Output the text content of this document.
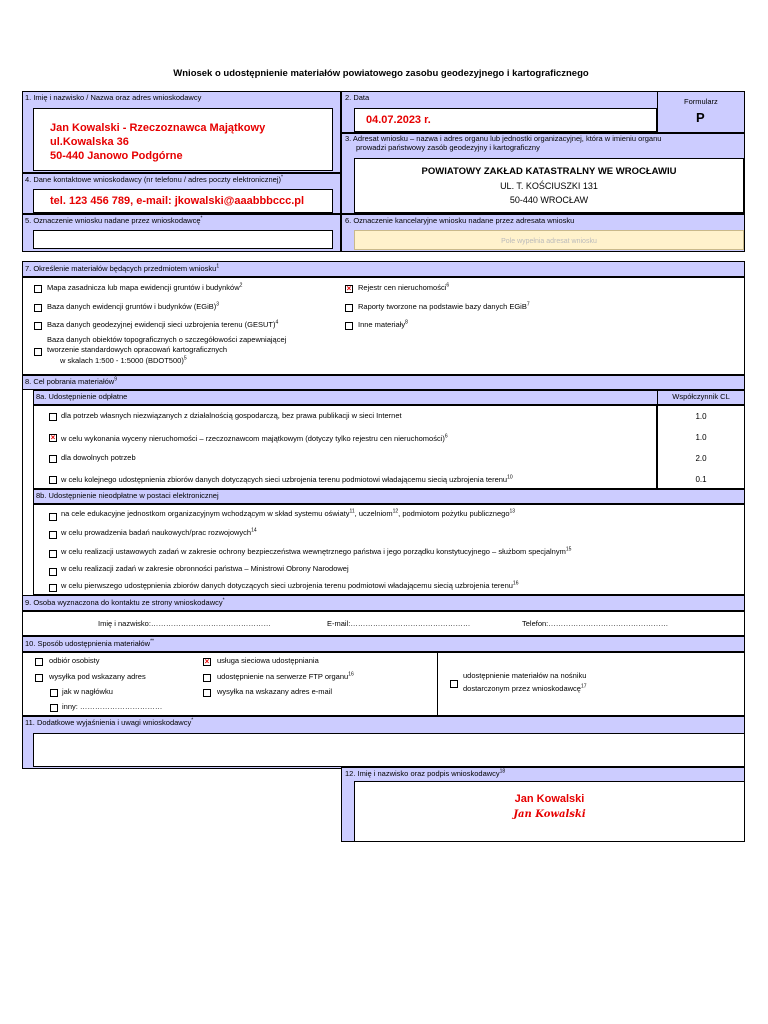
Wniosek o udostępnienie materiałów powiatowego zasobu geodezyjnego i kartograficznego
1. Imię i nazwisko / Nazwa oraz adres wnioskodawcy
Jan Kowalski - Rzeczoznawca Majątkowy
ul.Kowalska 36
50-440 Janowo Podgórne
4. Dane kontaktowe wnioskodawcy (nr telefonu / adres poczty elektronicznej)*
tel. 123 456 789, e-mail: jkowalski@aaabbbccc.pl
5. Oznaczenie wniosku nadane przez wnioskodawcę*
2. Data
04.07.2023 r.
Formularz
P
3. Adresat wniosku – nazwa i adres organu lub jednostki organizacyjnej, która w imieniu organu
prowadzi państwowy zasób geodezyjny i kartograficzny
POWIATOWY ZAKŁAD KATASTRALNY WE WROCŁAWIU
UL. T. KOŚCIUSZKI 131
50-440 WROCŁAW
6. Oznaczenie kancelaryjne wniosku nadane przez adresata wniosku
Pole wypełnia adresat wniosku
7. Określenie materiałów będących przedmiotem wniosku$^1$
Mapa zasadnicza lub mapa ewidencji gruntów i budynków$^2$
Baza danych ewidencji gruntów i budynków (EGiB)$^3$
Baza danych geodezyjnej ewidencji sieci uzbrojenia terenu (GESUT)$^4$
Baza danych obiektów topograficznych o szczegółowości zapewniającej
tworzenie standardowych opracowań kartograficznych
w skalach 1:500 - 1:5000 (BDOT500)$^5$
× Rejestr cen nieruchomości$^6$
Raporty tworzone na podstawie bazy danych EGiB$^7$
Inne materiały$^8$
8. Cel pobrania materiałów$^9$
8a. Udostępnienie odpłatne	Współczynnik CL
dla potrzeb własnych niezwiązanych z działalnością gospodarczą, bez prawa publikacji w sieci Internet	1.0
× w celu wykonania wyceny nieruchomości – rzeczoznawcom majątkowym (dotyczy tylko rejestru cen nieruchomości)$^6$	1.0
dla dowolnych potrzeb	2.0
w celu kolejnego udostępnienia zbiorów danych dotyczących sieci uzbrojenia terenu podmiotowi władającemu siecią uzbrojenia terenu$^{10}$	0.1
8b. Udostępnienie nieodpłatne w postaci elektronicznej
na cele edukacyjne jednostkom organizacyjnym wchodzącym w skład systemu oświaty$^{11}$, uczelniom$^{12}$, podmiotom pożytku publicznego$^{13}$
w celu prowadzenia badań naukowych/prac rozwojowych$^{14}$
w celu realizacji ustawowych zadań w zakresie ochrony bezpieczeństwa wewnętrznego państwa i jego porządku konstytucyjnego – służbom specjalnym$^{15}$
w celu realizacji zadań w zakresie obronności państwa – Ministrowi Obrony Narodowej
w celu pierwszego udostępnienia zbiorów danych dotyczących sieci uzbrojenia terenu podmiotowi władającemu siecią uzbrojenia terenu$^{16}$
9. Osoba wyznaczona do kontaktu ze strony wnioskodawcy*
Imię i nazwisko:…………………………………………	E-mail:…………………………………………	Telefon:…………………………………………
10. Sposób udostępnienia materiałów**
odbiór osobisty
wysyłka pod wskazany adres
jak w nagłówku
inny: ……………………………
× usługa sieciowa udostępniania
udostępnienie na serwerze FTP organu$^{16}$
wysyłka na wskazany adres e-mail
udostępnienie materiałów na nośniku
dostarczonym przez wnioskodawcę$^{17}$
11. Dodatkowe wyjaśnienia i uwagi wnioskodawcy*
12. Imię i nazwisko oraz podpis wnioskodawcy$^{18}$
Jan Kowalski
Jan Kowalski
